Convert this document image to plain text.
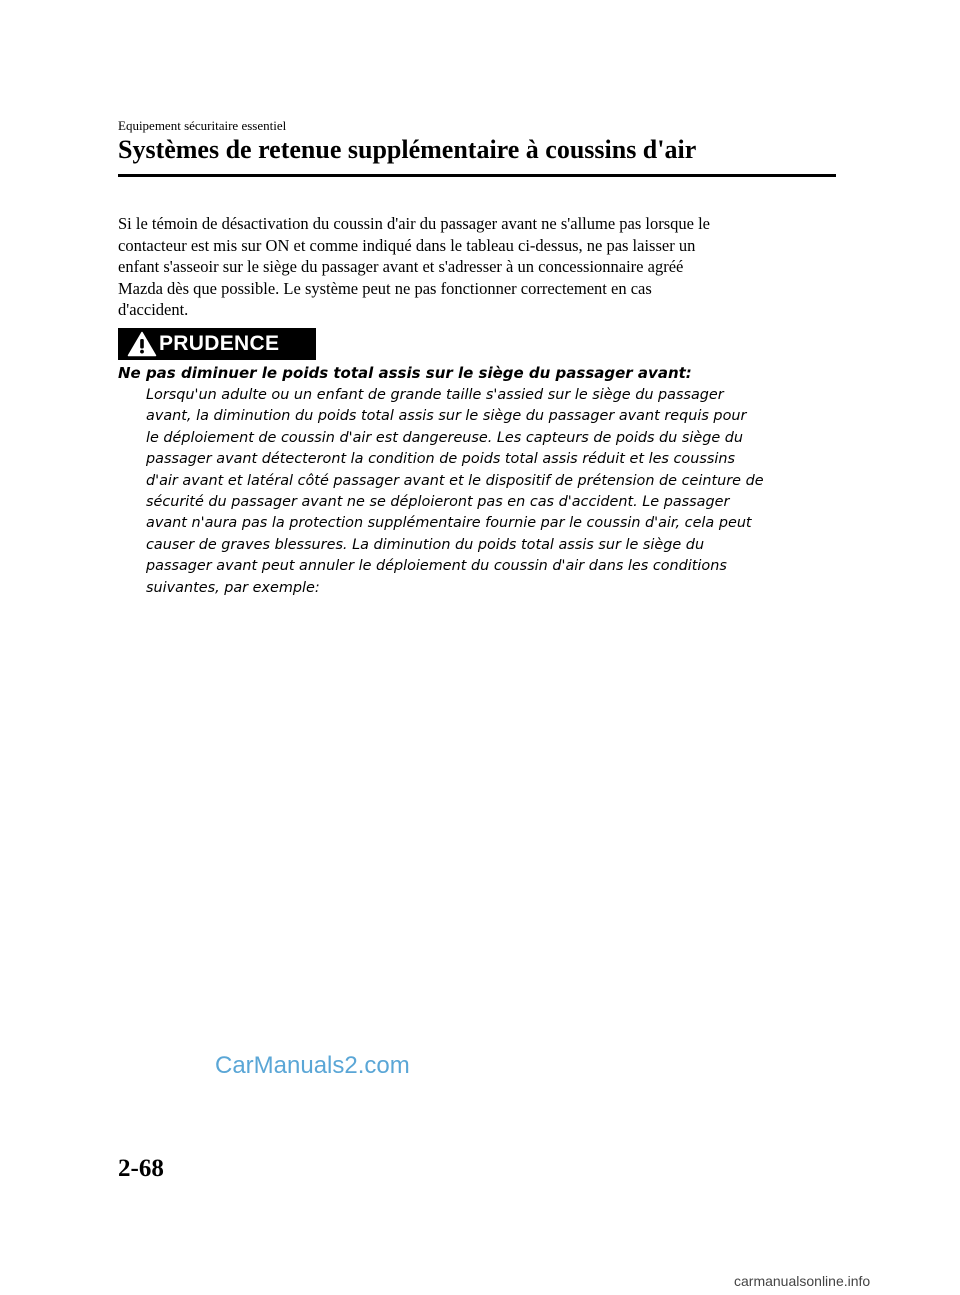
Equipement sécuritaire essentiel
Systèmes de retenue supplémentaire à coussins d'air
Si le témoin de désactivation du coussin d'air du passager avant ne s'allume pas lorsque le
contacteur est mis sur ON et comme indiqué dans le tableau ci-dessus, ne pas laisser un
enfant s'asseoir sur le siège du passager avant et s'adresser à un concessionnaire agréé
Mazda dès que possible. Le système peut ne pas fonctionner correctement en cas
d'accident.
PRUDENCE

Ne pas diminuer le poids total assis sur le siège du passager avant:

Lorsqu'un adulte ou un enfant de grande taille s'assied sur le siège du passager
avant, la diminution du poids total assis sur le siège du passager avant requis pour
le déploiement de coussin d'air est dangereuse. Les capteurs de poids du siège du
passager avant détecteront la condition de poids total assis réduit et les coussins
d'air avant et latéral côté passager avant et le dispositif de prétension de ceinture de
sécurité du passager avant ne se déploieront pas en cas d'accident. Le passager
avant n'aura pas la protection supplémentaire fournie par le coussin d'air, cela peut
causer de graves blessures. La diminution du poids total assis sur le siège du
passager avant peut annuler le déploiement du coussin d'air dans les conditions
suivantes, par exemple:
CarManuals2.com
2-68
carmanualsonline.info
